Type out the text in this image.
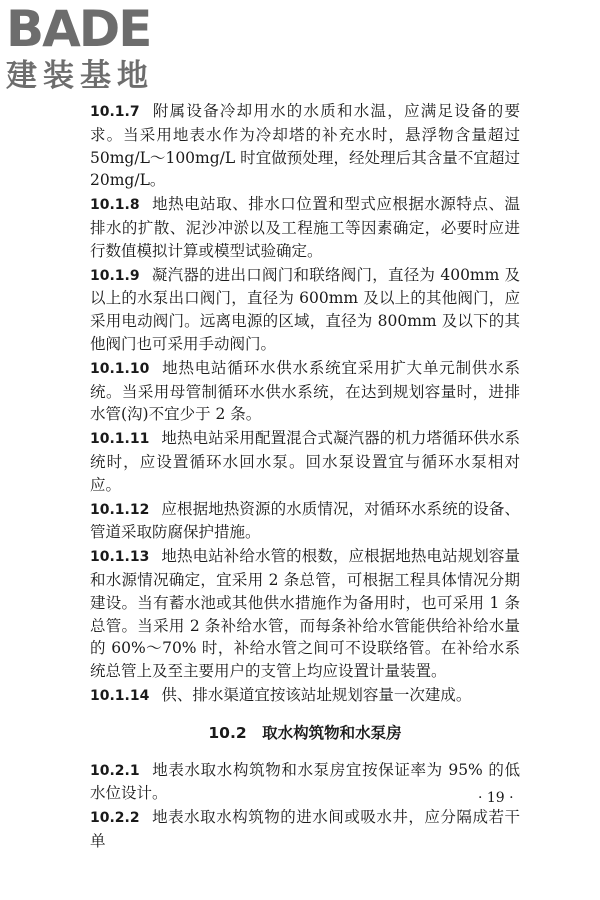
BADE
建装基地

10.1.7 附属设备冷却用水的水质和水温，应满足设备的要求。当采用地表水作为冷却塔的补充水时，悬浮物含量超过 50mg/L～100mg/L 时宜做预处理，经处理后其含量不宜超过 20mg/L。

10.1.8 地热电站取、排水口位置和型式应根据水源特点、温排水的扩散、泥沙冲淤以及工程施工等因素确定，必要时应进行数值模拟计算或模型试验确定。

10.1.9 凝汽器的进出口阀门和联络阀门，直径为 400mm 及以上的水泵出口阀门，直径为 600mm 及以上的其他阀门，应采用电动阀门。远离电源的区域，直径为 800mm 及以下的其他阀门也可采用手动阀门。

10.1.10 地热电站循环水供水系统宜采用扩大单元制供水系统。当采用母管制循环水供水系统，在达到规划容量时，进排水管(沟)不宜少于 2 条。

10.1.11 地热电站采用配置混合式凝汽器的机力塔循环供水系统时，应设置循环水回水泵。回水泵设置宜与循环水泵相对应。

10.1.12 应根据地热资源的水质情况，对循环水系统的设备、管道采取防腐保护措施。

10.1.13 地热电站补给水管的根数，应根据地热电站规划容量和水源情况确定，宜采用 2 条总管，可根据工程具体情况分期建设。当有蓄水池或其他供水措施作为备用时，也可采用 1 条总管。当采用 2 条补给水管，而每条补给水管能供给补给水量的 60%～70% 时，补给水管之间可不设联络管。在补给水系统总管上及至主要用户的支管上均应设置计量装置。

10.1.14 供、排水渠道宜按该站址规划容量一次建成。

10.2　取水构筑物和水泵房

10.2.1 地表水取水构筑物和水泵房宜按保证率为 95% 的低水位设计。

10.2.2 地表水取水构筑物的进水间或吸水井，应分隔成若干单

· 19 ·
